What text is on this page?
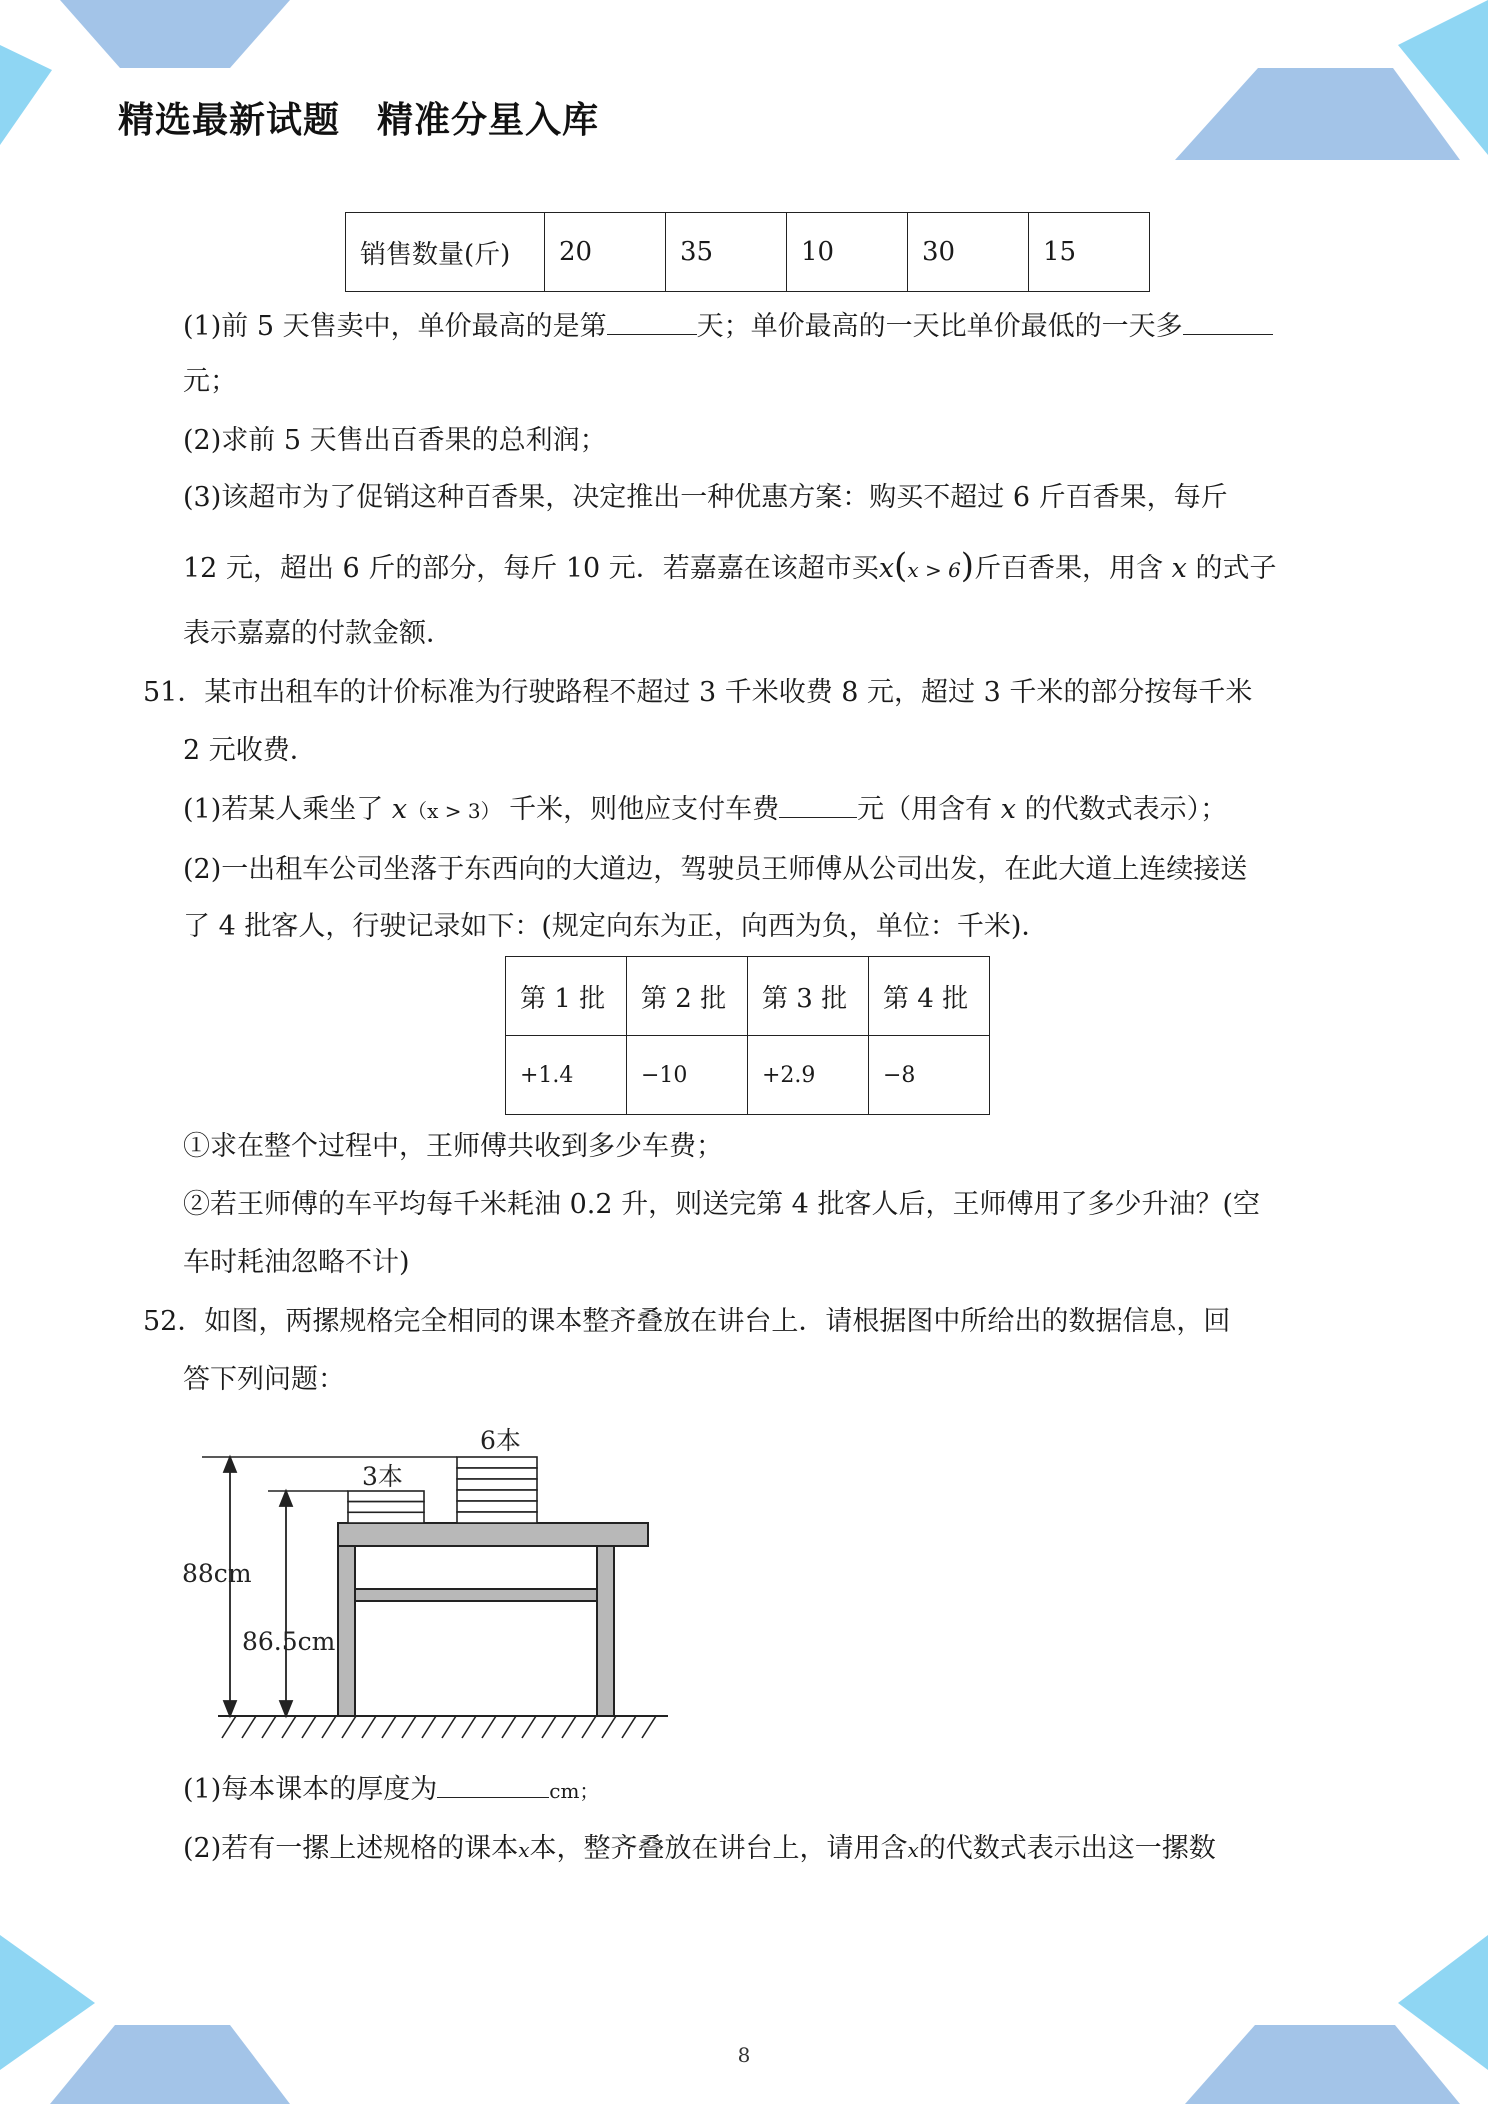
精选最新试题　精准分星入库
销售数量(斤)	20	35	10	30	15
(1)前 5 天售卖中，单价最高的是第	天；单价最高的一天比单价最低的一天多
元；
(2)求前 5 天售出百香果的总利润；
(3)该超市为了促销这种百香果，决定推出一种优惠方案：购买不超过 6 斤百香果，每斤
12 元，超出 6 斤的部分，每斤 10 元．若嘉嘉在该超市买x(x > 6)斤百香果，用含 x 的式子
表示嘉嘉的付款金额．
51．某市出租车的计价标准为行驶路程不超过 3 千米收费 8 元，超过 3 千米的部分按每千米
2 元收费．
(1)若某人乘坐了 x（x > 3） 千米，则他应支付车费	元（用含有 x 的代数式表示）；
(2)一出租车公司坐落于东西向的大道边，驾驶员王师傅从公司出发，在此大道上连续接送
了 4 批客人，行驶记录如下：(规定向东为正，向西为负，单位：千米)．
第 1 批	第 2 批	第 3 批	第 4 批
+1.4	−10	+2.9	−8
①求在整个过程中，王师傅共收到多少车费；
②若王师傅的车平均每千米耗油 0.2 升，则送完第 4 批客人后，王师傅用了多少升油？(空
车时耗油忽略不计)
52．如图，两摞规格完全相同的课本整齐叠放在讲台上．请根据图中所给出的数据信息，回
答下列问题：
6本
3本
88cm
86.5cm
(1)每本课本的厚度为	cm；
(2)若有一摞上述规格的课本x本，整齐叠放在讲台上，请用含x的代数式表示出这一摞数
8
